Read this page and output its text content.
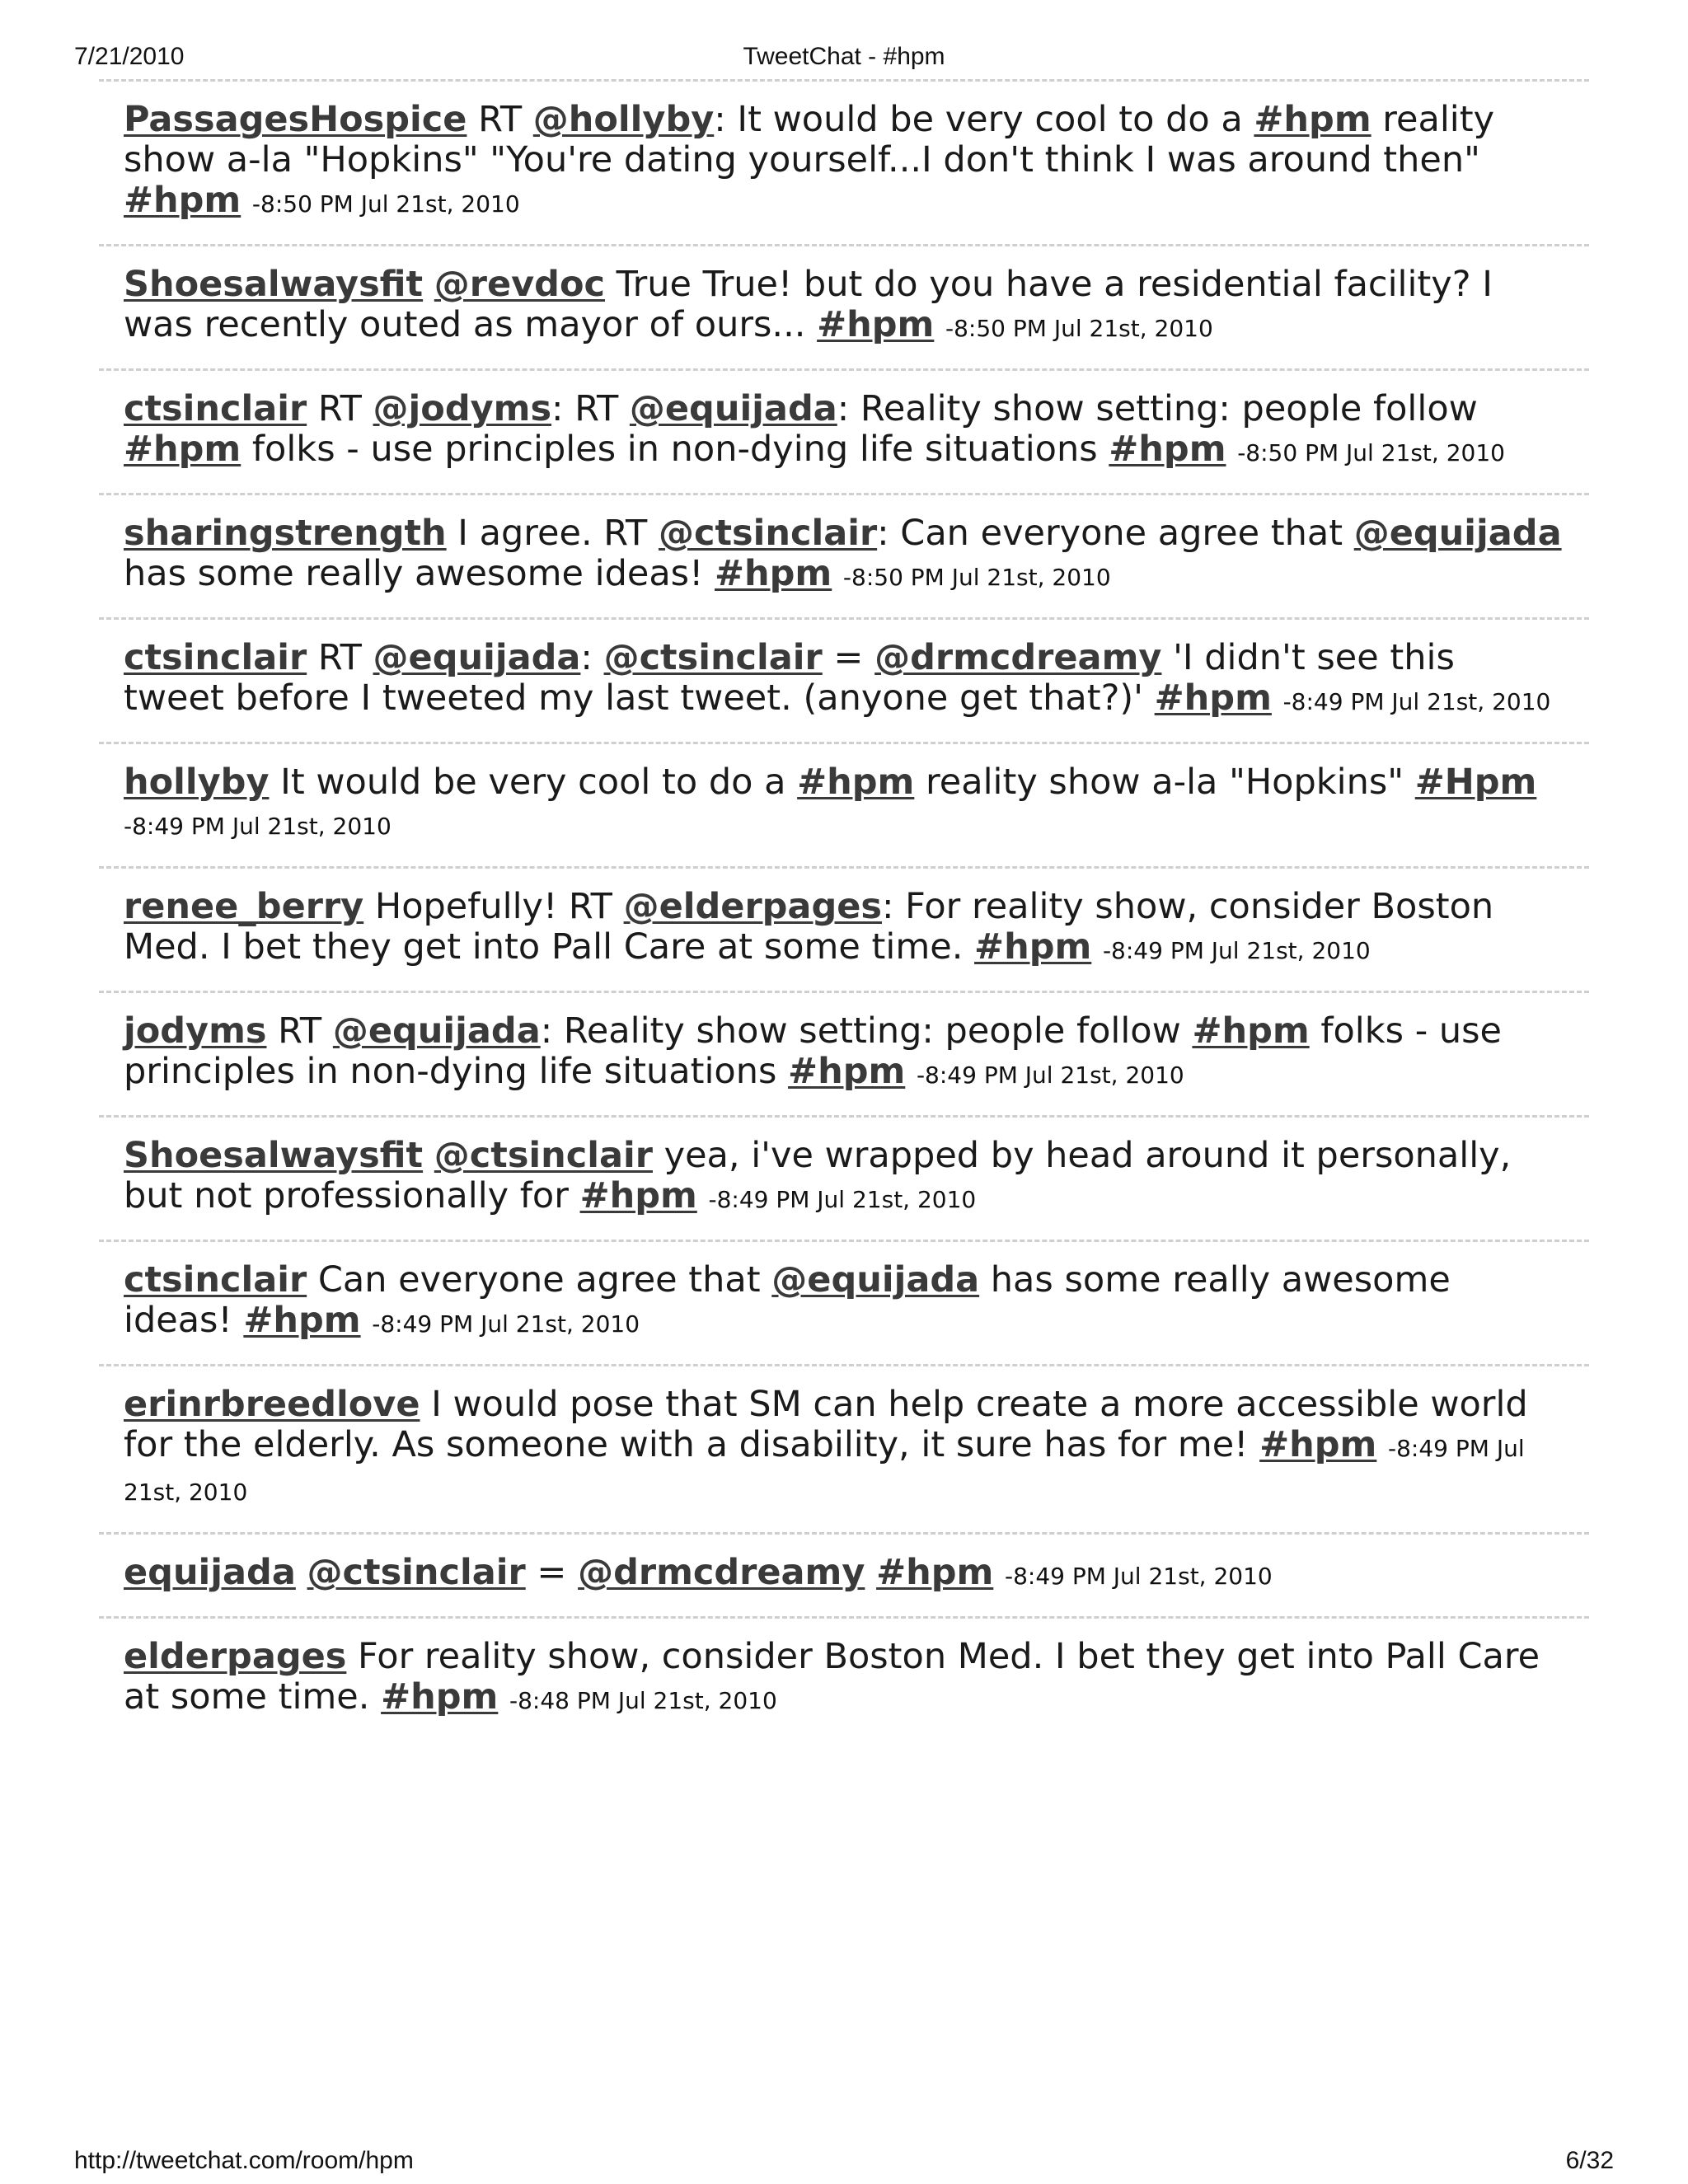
7/21/2010	TweetChat - #hpm
PassagesHospice RT @hollyby: It would be very cool to do a #hpm reality show a-la "Hopkins" "You're dating yourself...I don't think I was around then" #hpm -8:50 PM Jul 21st, 2010
Shoesalwaysfit @revdoc True True! but do you have a residential facility? I was recently outed as mayor of ours... #hpm -8:50 PM Jul 21st, 2010
ctsinclair RT @jodyms: RT @equijada: Reality show setting: people follow #hpm folks - use principles in non-dying life situations #hpm -8:50 PM Jul 21st, 2010
sharingstrength I agree. RT @ctsinclair: Can everyone agree that @equijada has some really awesome ideas! #hpm -8:50 PM Jul 21st, 2010
ctsinclair RT @equijada: @ctsinclair = @drmcdreamy 'I didn't see this tweet before I tweeted my last tweet. (anyone get that?)' #hpm -8:49 PM Jul 21st, 2010
hollyby It would be very cool to do a #hpm reality show a-la "Hopkins" #Hpm -8:49 PM Jul 21st, 2010
renee_berry Hopefully! RT @elderpages: For reality show, consider Boston Med. I bet they get into Pall Care at some time. #hpm -8:49 PM Jul 21st, 2010
jodyms RT @equijada: Reality show setting: people follow #hpm folks - use principles in non-dying life situations #hpm -8:49 PM Jul 21st, 2010
Shoesalwaysfit @ctsinclair yea, i've wrapped by head around it personally, but not professionally for #hpm -8:49 PM Jul 21st, 2010
ctsinclair Can everyone agree that @equijada has some really awesome ideas! #hpm -8:49 PM Jul 21st, 2010
erinrbreedlove I would pose that SM can help create a more accessible world for the elderly. As someone with a disability, it sure has for me! #hpm -8:49 PM Jul 21st, 2010
equijada @ctsinclair = @drmcdreamy #hpm -8:49 PM Jul 21st, 2010
elderpages For reality show, consider Boston Med. I bet they get into Pall Care at some time. #hpm -8:48 PM Jul 21st, 2010
http://tweetchat.com/room/hpm	6/32
